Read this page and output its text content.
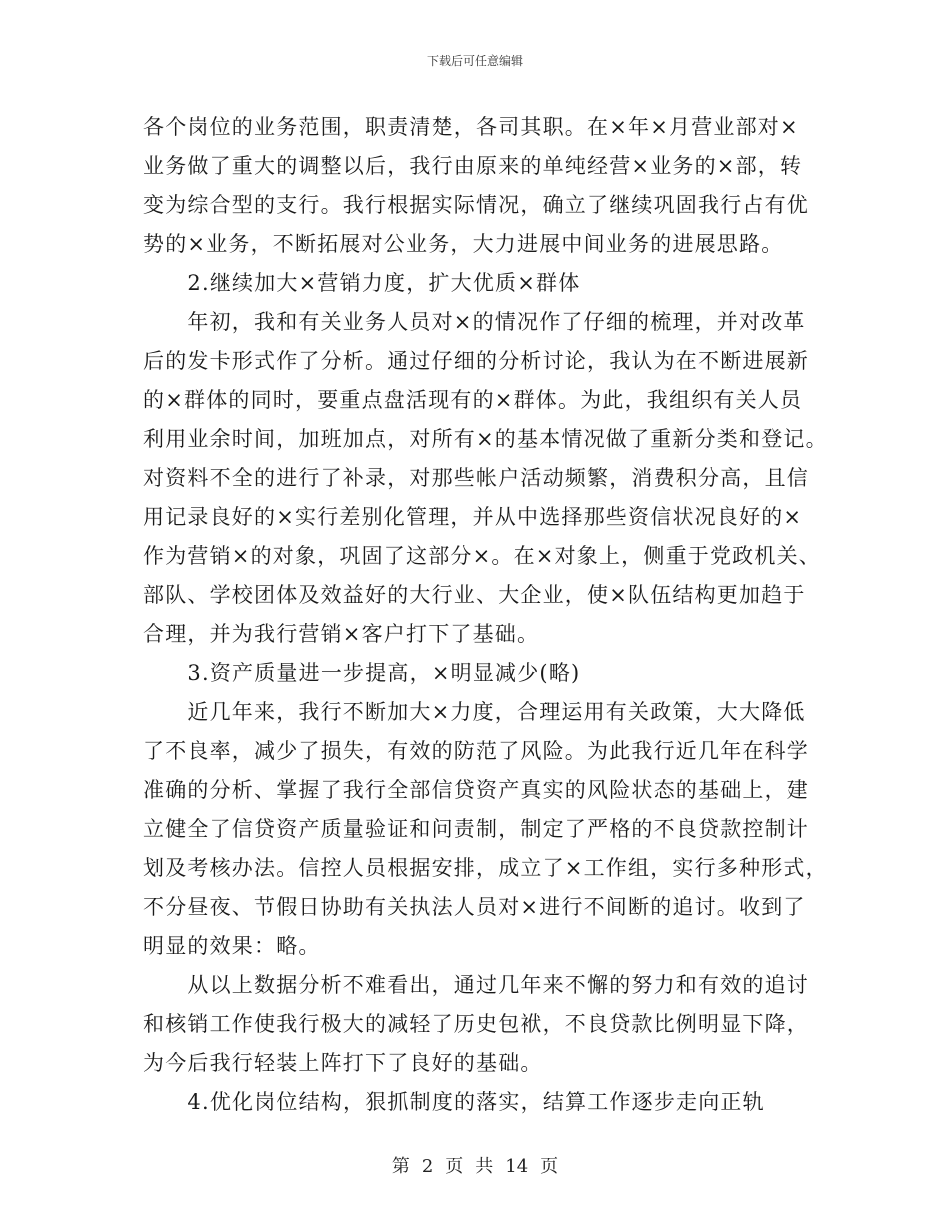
下载后可任意编辑
各个岗位的业务范围，职责清楚，各司其职。在×年×月营业部对×
业务做了重大的调整以后，我行由原来的单纯经营×业务的×部，转
变为综合型的支行。我行根据实际情况，确立了继续巩固我行占有优
势的×业务，不断拓展对公业务，大力进展中间业务的进展思路。
　　2.继续加大×营销力度，扩大优质×群体
　　年初，我和有关业务人员对×的情况作了仔细的梳理，并对改革
后的发卡形式作了分析。通过仔细的分析讨论，我认为在不断进展新
的×群体的同时，要重点盘活现有的×群体。为此，我组织有关人员
利用业余时间，加班加点，对所有×的基本情况做了重新分类和登记。
对资料不全的进行了补录，对那些帐户活动频繁，消费积分高，且信
用记录良好的×实行差别化管理，并从中选择那些资信状况良好的×
作为营销×的对象，巩固了这部分×。在×对象上，侧重于党政机关、
部队、学校团体及效益好的大行业、大企业，使×队伍结构更加趋于
合理，并为我行营销×客户打下了基础。
　　3.资产质量进一步提高，×明显减少(略)
　　近几年来，我行不断加大×力度，合理运用有关政策，大大降低
了不良率，减少了损失，有效的防范了风险。为此我行近几年在科学
准确的分析、掌握了我行全部信贷资产真实的风险状态的基础上，建
立健全了信贷资产质量验证和问责制，制定了严格的不良贷款控制计
划及考核办法。信控人员根据安排，成立了×工作组，实行多种形式，
不分昼夜、节假日协助有关执法人员对×进行不间断的追讨。收到了
明显的效果：略。
　　从以上数据分析不难看出，通过几年来不懈的努力和有效的追讨
和核销工作使我行极大的减轻了历史包袱，不良贷款比例明显下降，
为今后我行轻装上阵打下了良好的基础。
　　4.优化岗位结构，狠抓制度的落实，结算工作逐步走向正轨
第 2 页 共 14 页
